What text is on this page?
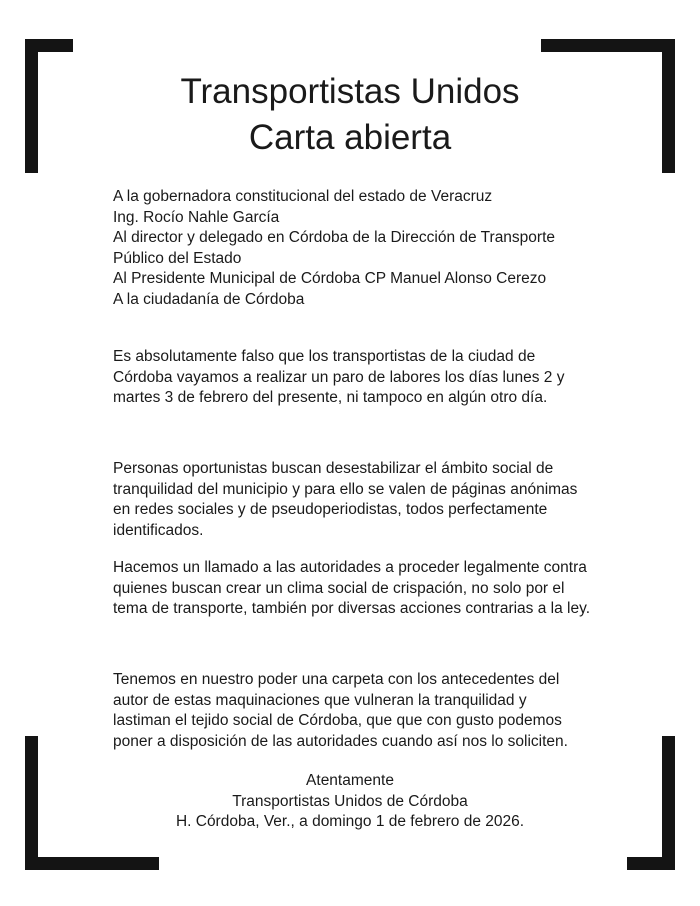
Transportistas Unidos
Carta abierta
A la gobernadora constitucional del estado de Veracruz
Ing. Rocío Nahle García
Al director y delegado en Córdoba de la Dirección de Transporte
Público del Estado
Al Presidente Municipal de Córdoba CP Manuel Alonso Cerezo
A la ciudadanía de Córdoba

Es absolutamente falso que los transportistas de la ciudad de
Córdoba vayamos a realizar un paro de labores los días lunes 2 y
martes 3 de febrero del presente, ni tampoco en algún otro día.

Personas oportunistas buscan desestabilizar el ámbito social de
tranquilidad del municipio y para ello se valen de páginas anónimas
en redes sociales y de pseudoperiodistas, todos perfectamente
identificados.

Hacemos un llamado a las autoridades a proceder legalmente contra
quienes buscan crear un clima social de crispación, no solo por el
tema de transporte, también por diversas acciones contrarias a la ley.

Tenemos en nuestro poder una carpeta con los antecedentes del
autor de estas maquinaciones que vulneran la tranquilidad y
lastiman el tejido social de Córdoba, que que con gusto podemos
poner a disposición de las autoridades cuando así nos lo soliciten.

Atentamente
Transportistas Unidos de Córdoba
H. Córdoba, Ver., a domingo 1 de febrero de 2026.
